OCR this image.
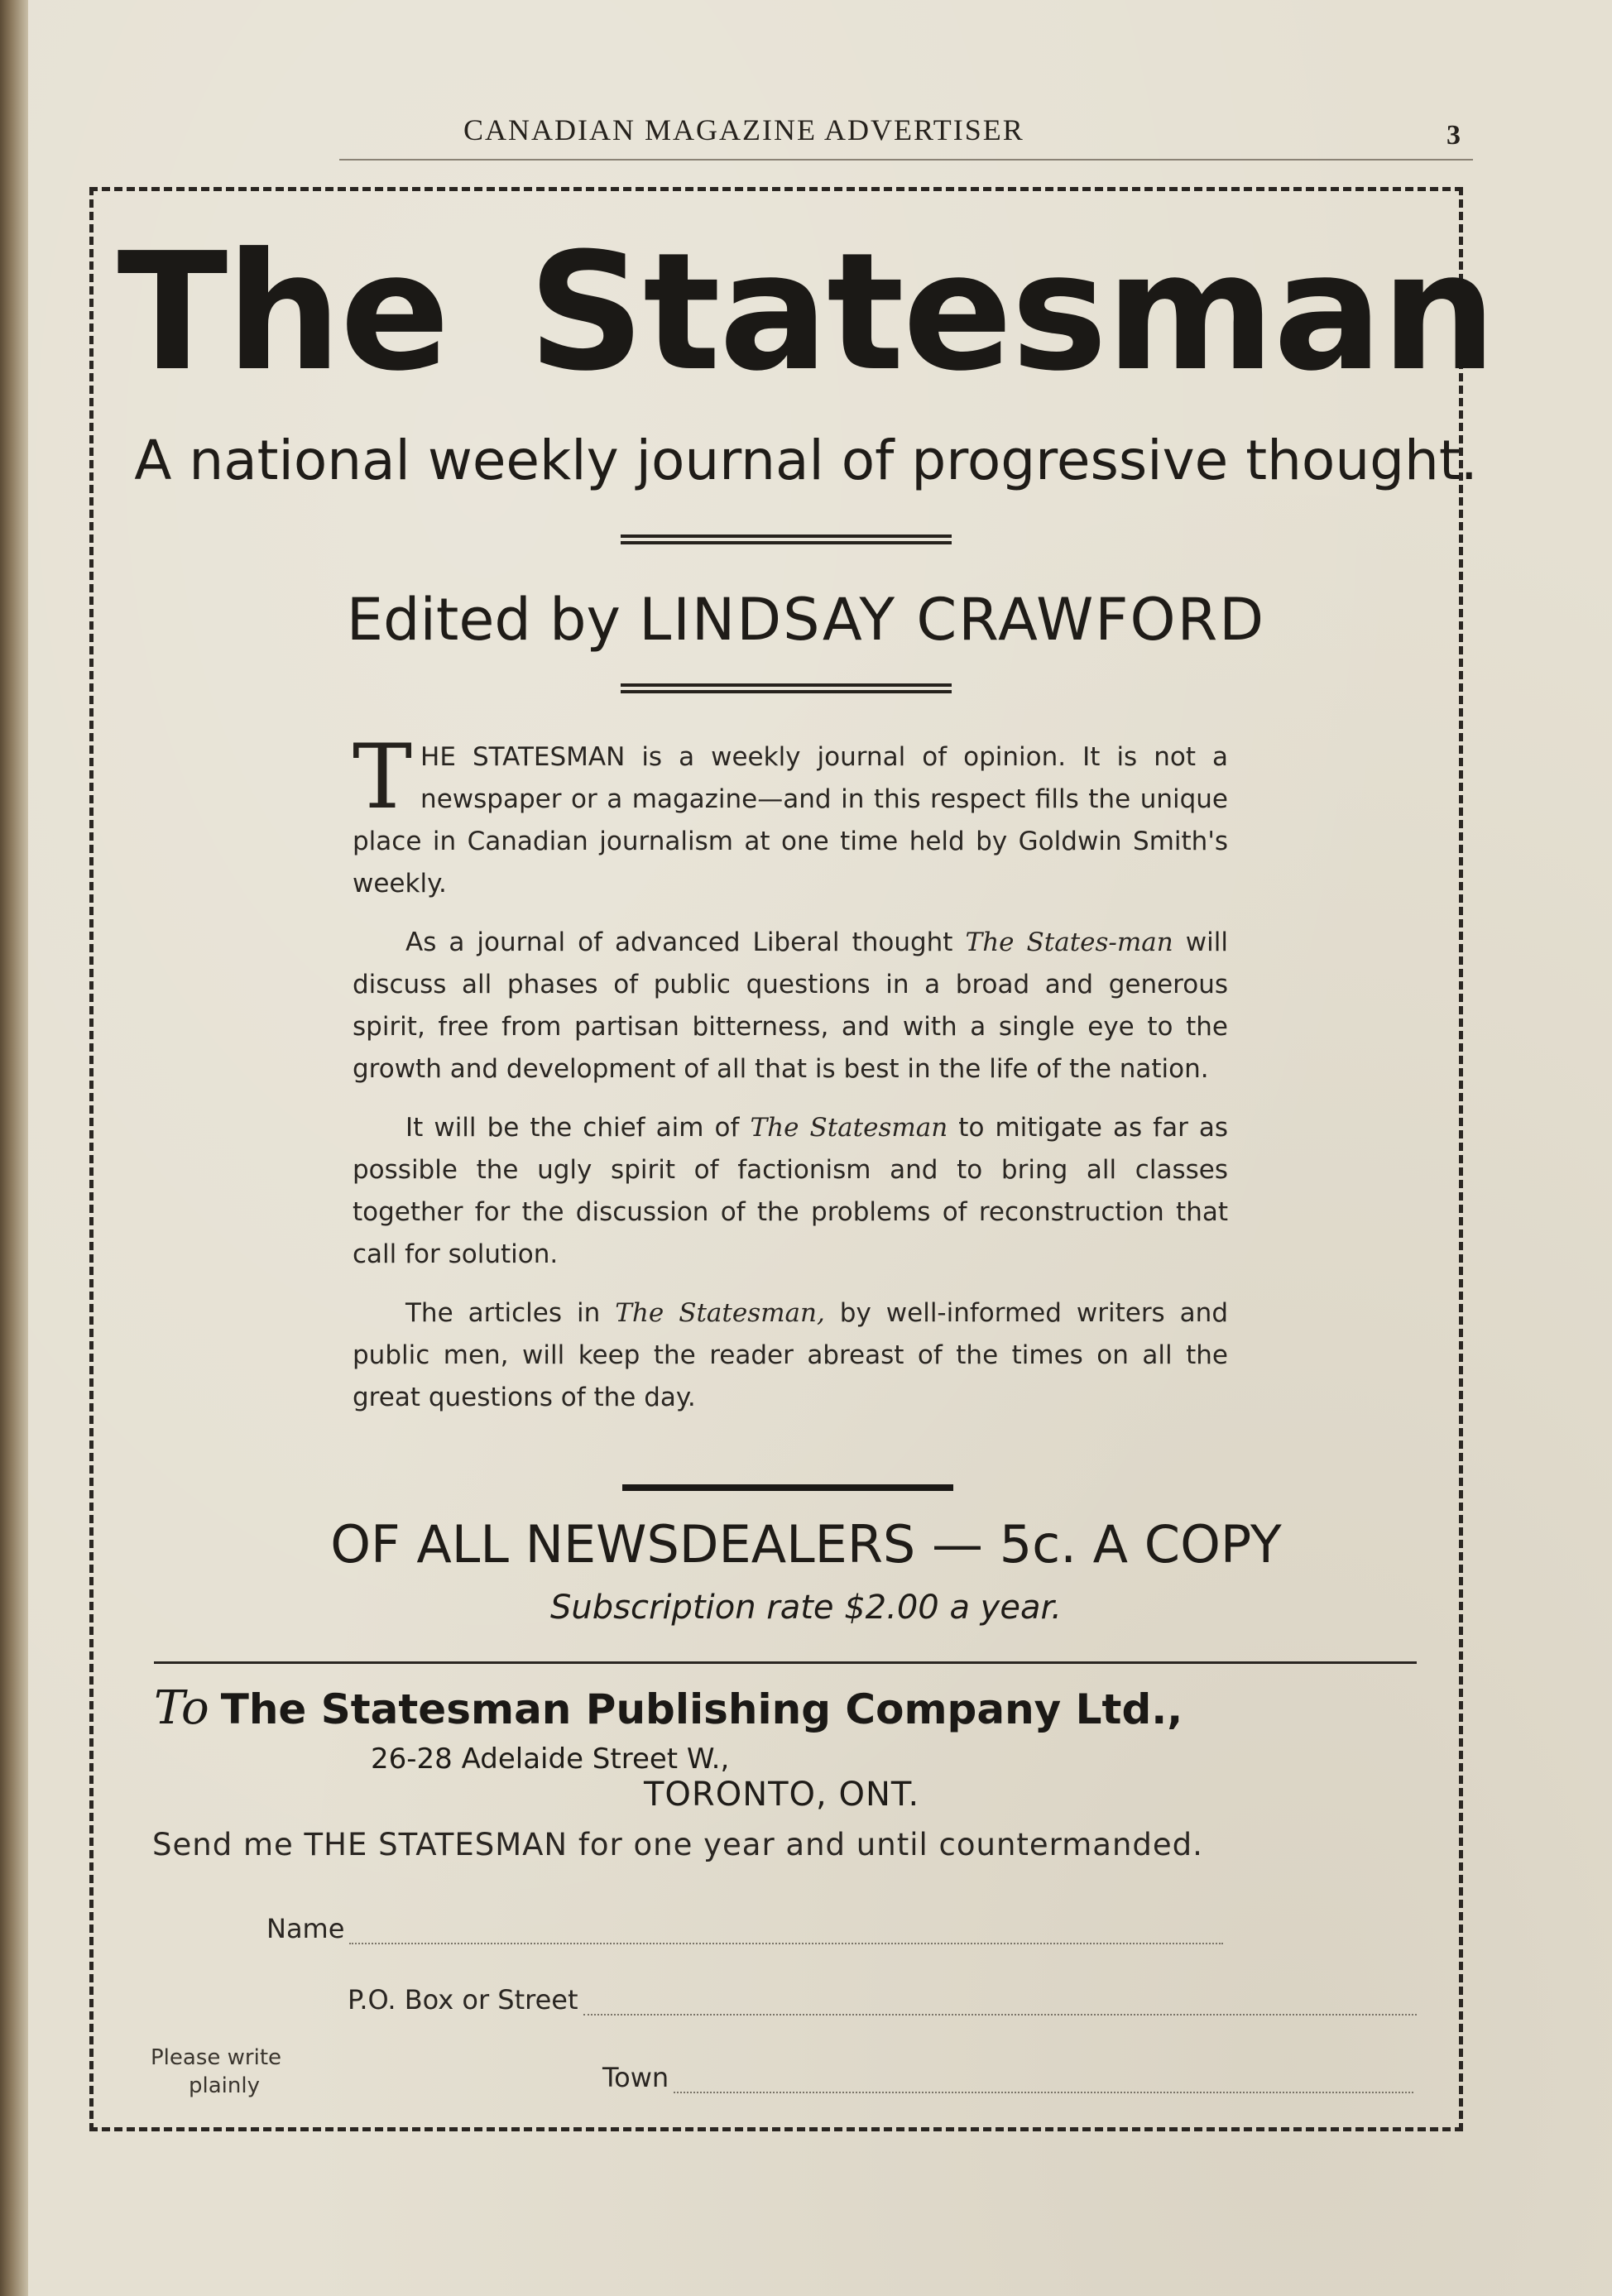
CANADIAN MAGAZINE ADVERTISER	3
The Statesman
A national weekly journal of progressive thought.
Edited by LINDSAY CRAWFORD

THE STATESMAN is a weekly journal of opinion. It is not a newspaper or a magazine—and in this respect fills the unique place in Canadian journalism at one time held by Goldwin Smith's weekly.

As a journal of advanced Liberal thought The States-man will discuss all phases of public questions in a broad and generous spirit, free from partisan bitterness, and with a single eye to the growth and development of all that is best in the life of the nation.

It will be the chief aim of The Statesman to mitigate as far as possible the ugly spirit of factionism and to bring all classes together for the discussion of the problems of reconstruction that call for solution.

The articles in The Statesman, by well-informed writers and public men, will keep the reader abreast of the times on all the great questions of the day.

OF ALL NEWSDEALERS — 5c. A COPY
Subscription rate $2.00 a year.
To The Statesman Publishing Company Ltd.,
26-28 Adelaide Street W.,
TORONTO, ONT.
Send me THE STATESMAN for one year and until countermanded.
Name
P.O. Box or Street
Town
Please write
plainly
